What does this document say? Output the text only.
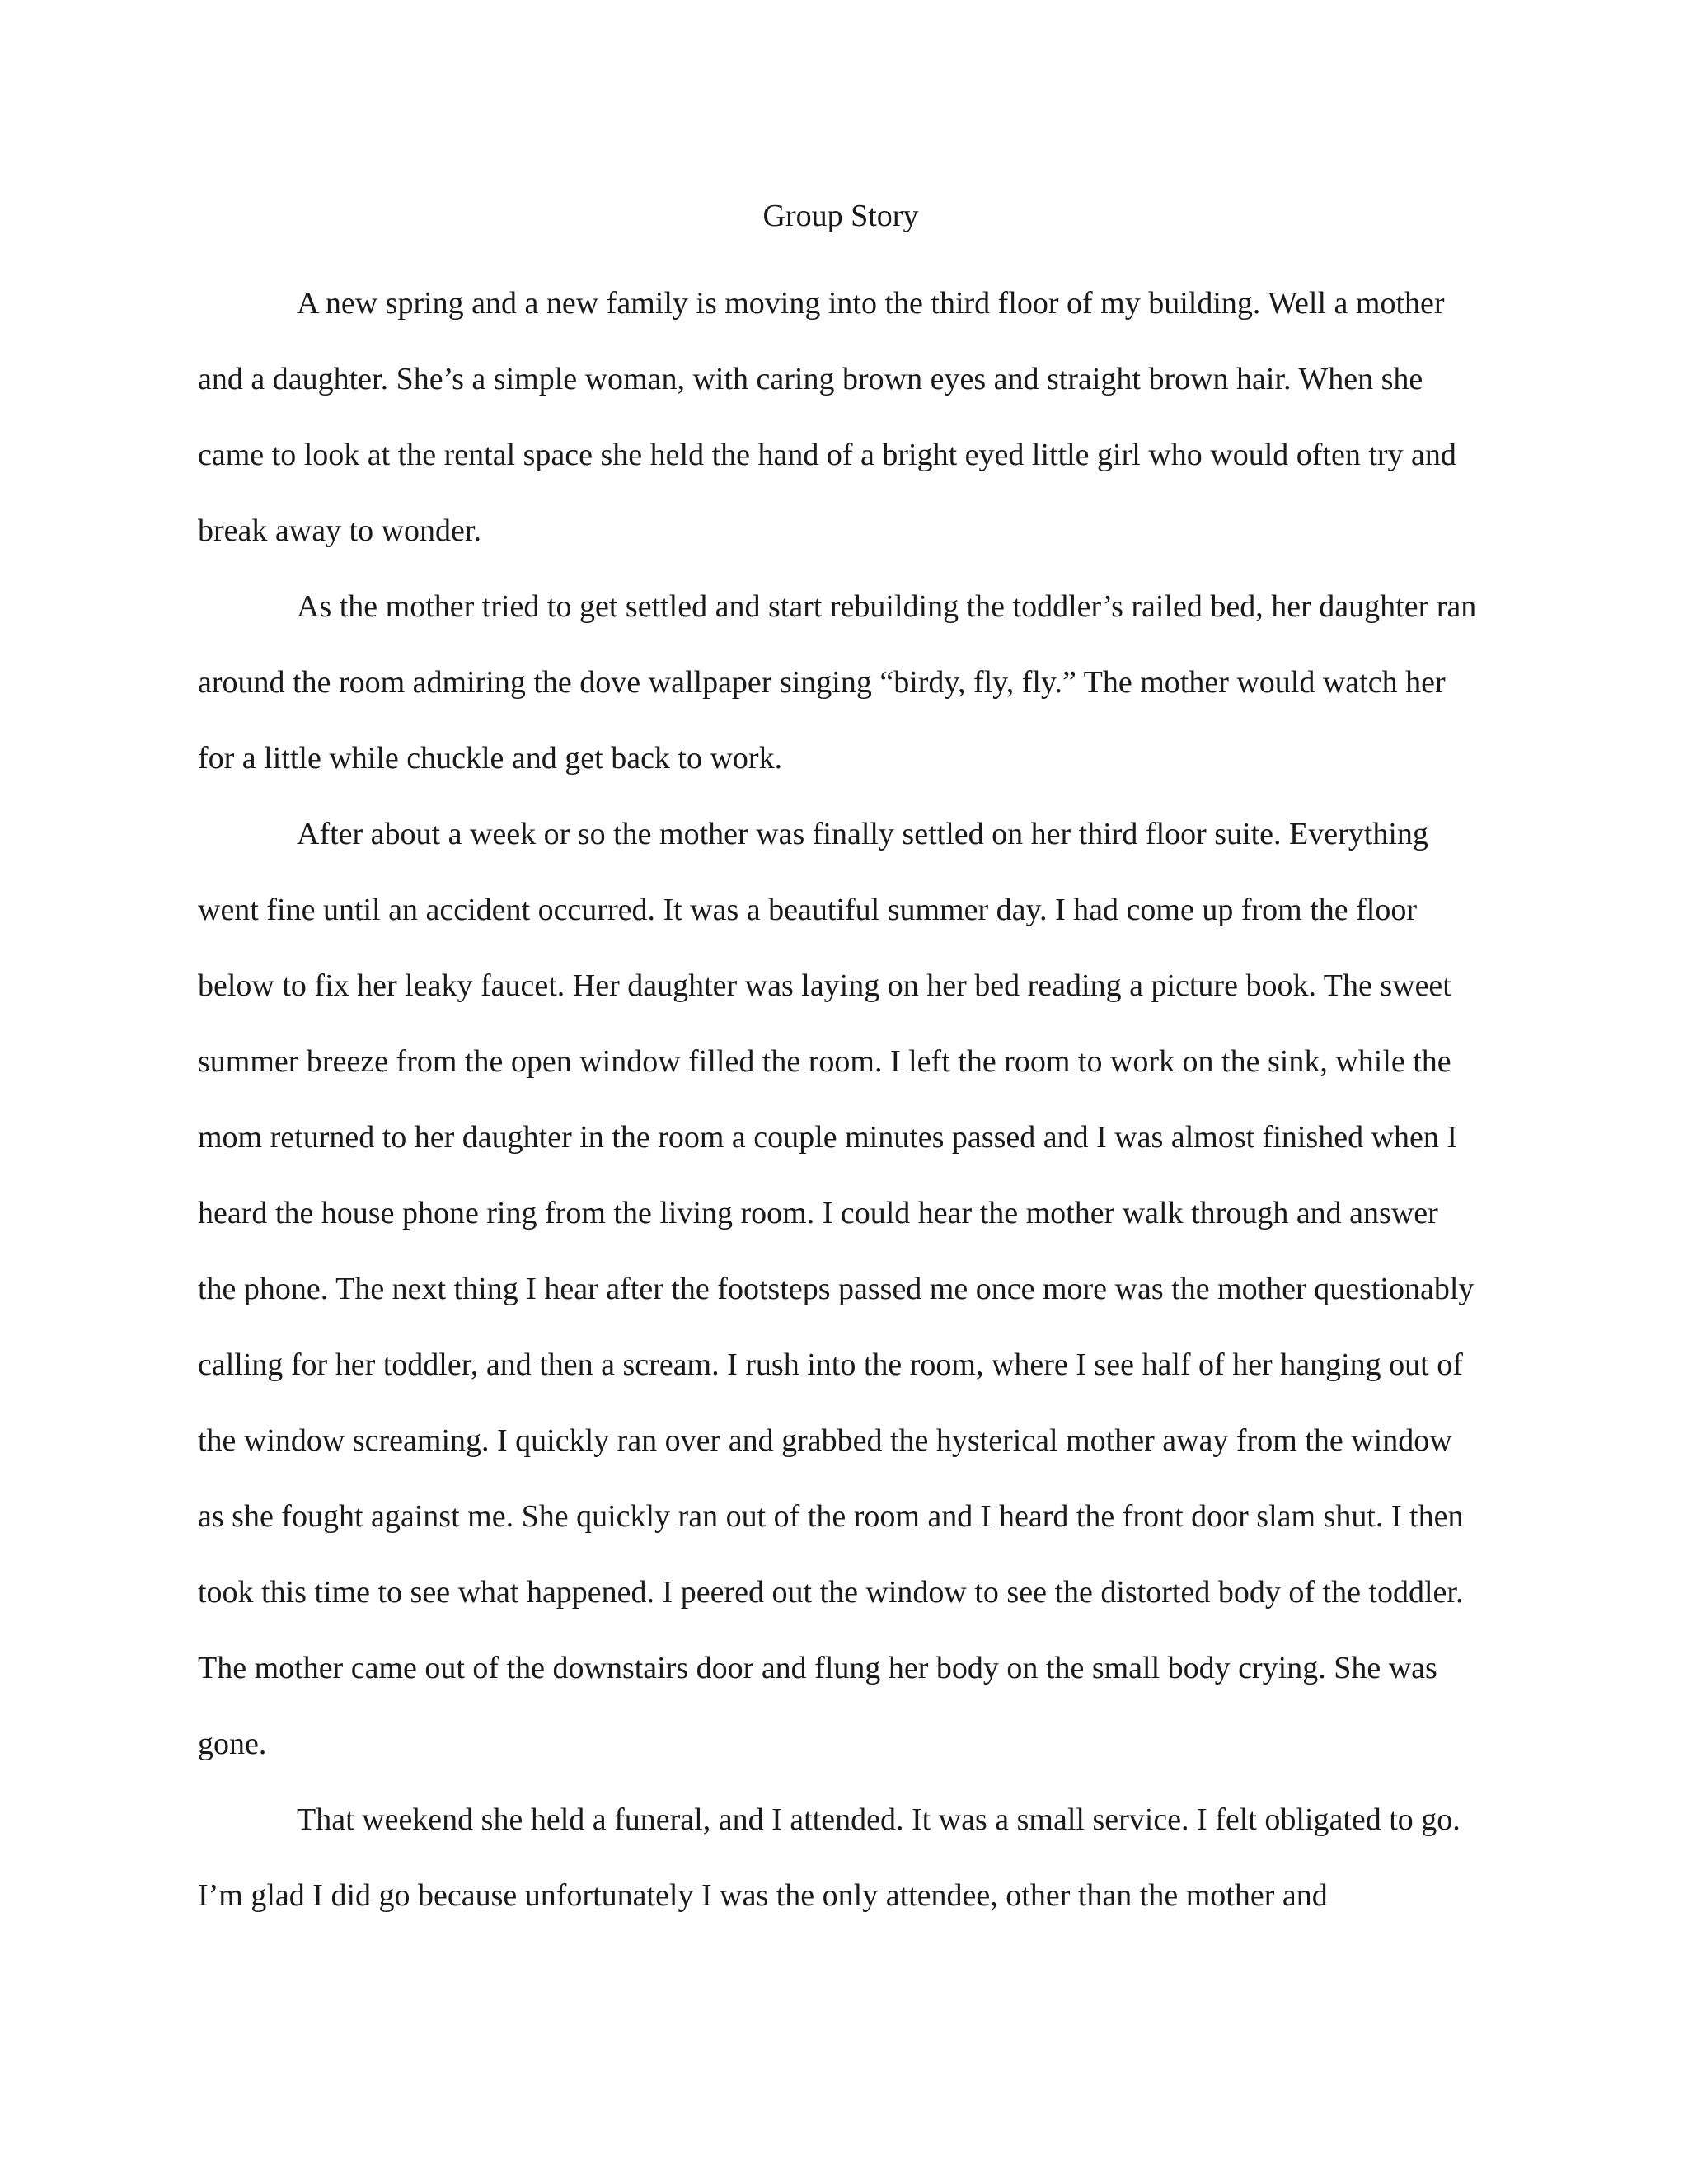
Group Story

A new spring and a new family is moving into the third floor of my building. Well a mother and a daughter. She’s a simple woman, with caring brown eyes and straight brown hair. When she came to look at the rental space she held the hand of a bright eyed little girl who would often try and break away to wonder.

As the mother tried to get settled and start rebuilding the toddler’s railed bed, her daughter ran around the room admiring the dove wallpaper singing “birdy, fly, fly.” The mother would watch her for a little while chuckle and get back to work.

After about a week or so the mother was finally settled on her third floor suite. Everything went fine until an accident occurred. It was a beautiful summer day. I had come up from the floor below to fix her leaky faucet. Her daughter was laying on her bed reading a picture book. The sweet summer breeze from the open window filled the room. I left the room to work on the sink, while the mom returned to her daughter in the room a couple minutes passed and I was almost finished when I heard the house phone ring from the living room. I could hear the mother walk through and answer the phone. The next thing I hear after the footsteps passed me once more was the mother questionably calling for her toddler, and then a scream. I rush into the room, where I see half of her hanging out of the window screaming. I quickly ran over and grabbed the hysterical mother away from the window as she fought against me. She quickly ran out of the room and I heard the front door slam shut. I then took this time to see what happened. I peered out the window to see the distorted body of the toddler. The mother came out of the downstairs door and flung her body on the small body crying. She was gone.

That weekend she held a funeral, and I attended. It was a small service. I felt obligated to go. I’m glad I did go because unfortunately I was the only attendee, other than the mother and
